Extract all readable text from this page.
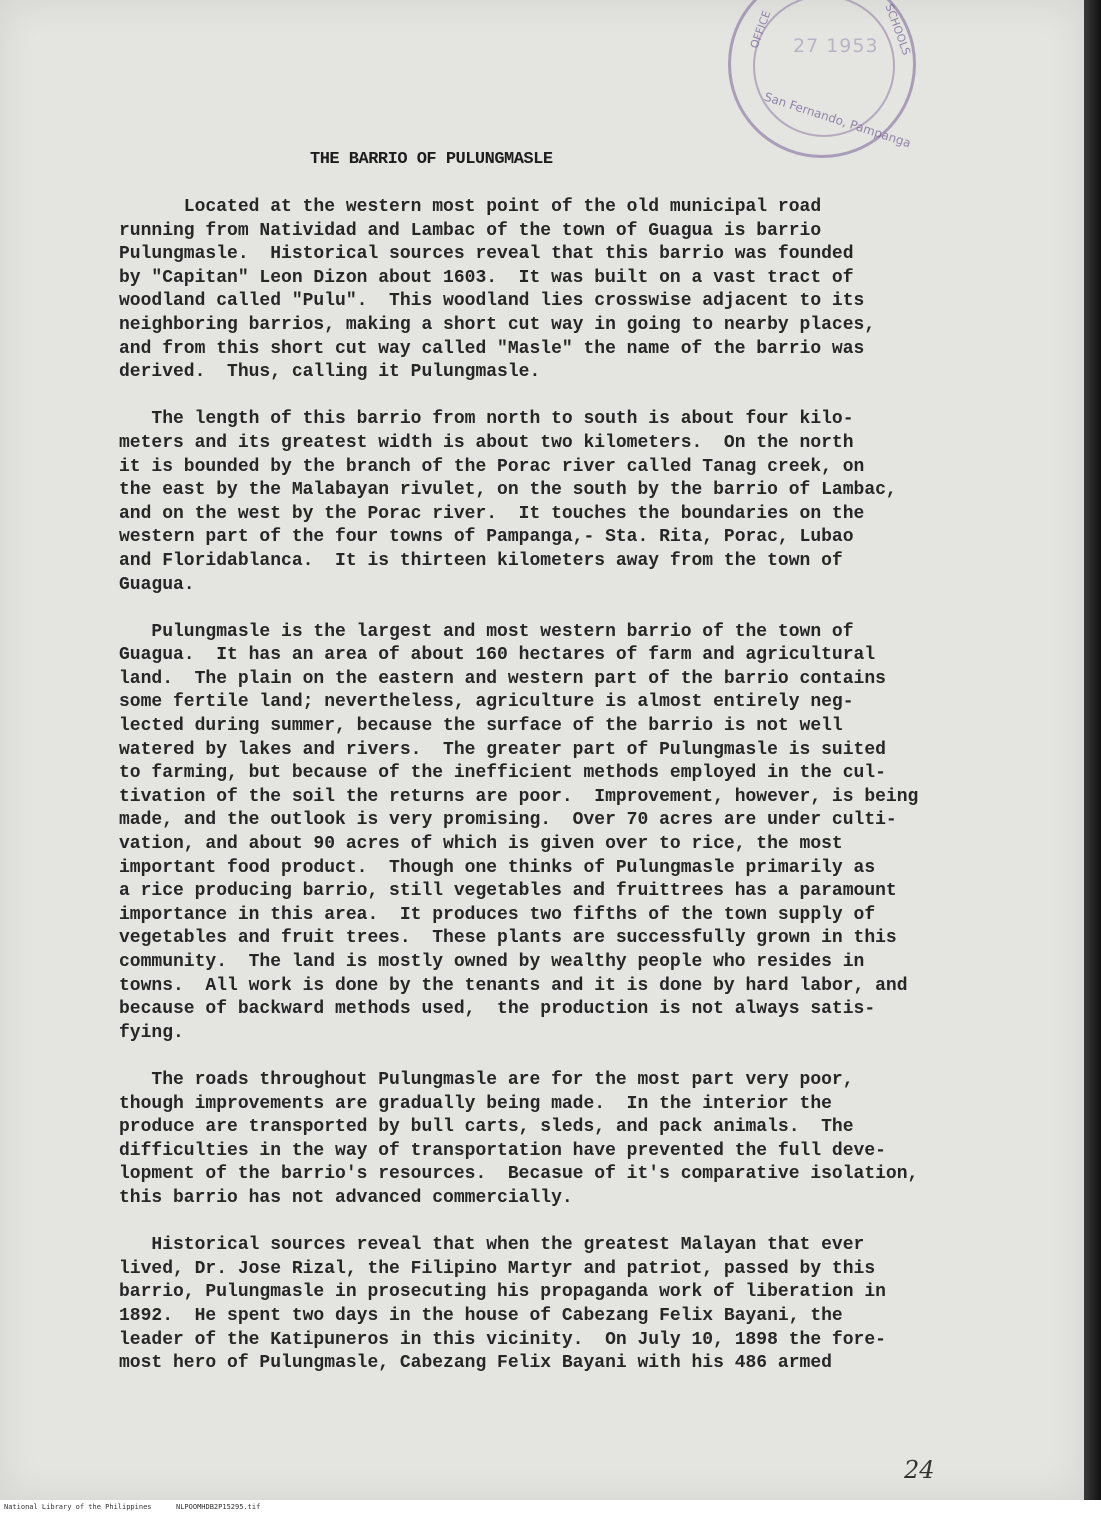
OFFICE 27 1953 SCHOOLS
San Fernando, Pampanga
THE BARRIO OF PULUNGMASLE

Located at the western most point of the old municipal road
running from Natividad and Lambac of the town of Guagua is barrio
Pulungmasle.  Historical sources reveal that this barrio was founded
by "Capitan" Leon Dizon about 1603.  It was built on a vast tract of
woodland called "Pulu".  This woodland lies crosswise adjacent to its
neighboring barrios, making a short cut way in going to nearby places,
and from this short cut way called "Masle" the name of the barrio was
derived.  Thus, calling it Pulungmasle.

The length of this barrio from north to south is about four kilo-
meters and its greatest width is about two kilometers.  On the north
it is bounded by the branch of the Porac river called Tanag creek, on
the east by the Malabayan rivulet, on the south by the barrio of Lambac,
and on the west by the Porac river.  It touches the boundaries on the
western part of the four towns of Pampanga,- Sta. Rita, Porac, Lubao
and Floridablanca.  It is thirteen kilometers away from the town of
Guagua.

Pulungmasle is the largest and most western barrio of the town of
Guagua.  It has an area of about 160 hectares of farm and agricultural
land.  The plain on the eastern and western part of the barrio contains
some fertile land; nevertheless, agriculture is almost entirely neg-
lected during summer, because the surface of the barrio is not well
watered by lakes and rivers.  The greater part of Pulungmasle is suited
to farming, but because of the inefficient methods employed in the cul-
tivation of the soil the returns are poor.  Improvement, however, is being
made, and the outlook is very promising.  Over 70 acres are under culti-
vation, and about 90 acres of which is given over to rice, the most
important food product.  Though one thinks of Pulungmasle primarily as
a rice producing barrio, still vegetables and fruittrees has a paramount
importance in this area.  It produces two fifths of the town supply of
vegetables and fruit trees.  These plants are successfully grown in this
community.  The land is mostly owned by wealthy people who resides in
towns.  All work is done by the tenants and it is done by hard labor, and
because of backward methods used,  the production is not always satis-
fying.

The roads throughout Pulungmasle are for the most part very poor,
though improvements are gradually being made.  In the interior the
produce are transported by bull carts, sleds, and pack animals.  The
difficulties in the way of transportation have prevented the full deve-
lopment of the barrio's resources.  Becasue of it's comparative isolation,
this barrio has not advanced commercially.

Historical sources reveal that when the greatest Malayan that ever
lived, Dr. Jose Rizal, the Filipino Martyr and patriot, passed by this
barrio, Pulungmasle in prosecuting his propaganda work of liberation in
1892.  He spent two days in the house of Cabezang Felix Bayani, the
leader of the Katipuneros in this vicinity.  On July 10, 1898 the fore-
most hero of Pulungmasle, Cabezang Felix Bayani with his 486 armed

24
National Library of the Philippines	NLPOOMHDB2P15295.tif
